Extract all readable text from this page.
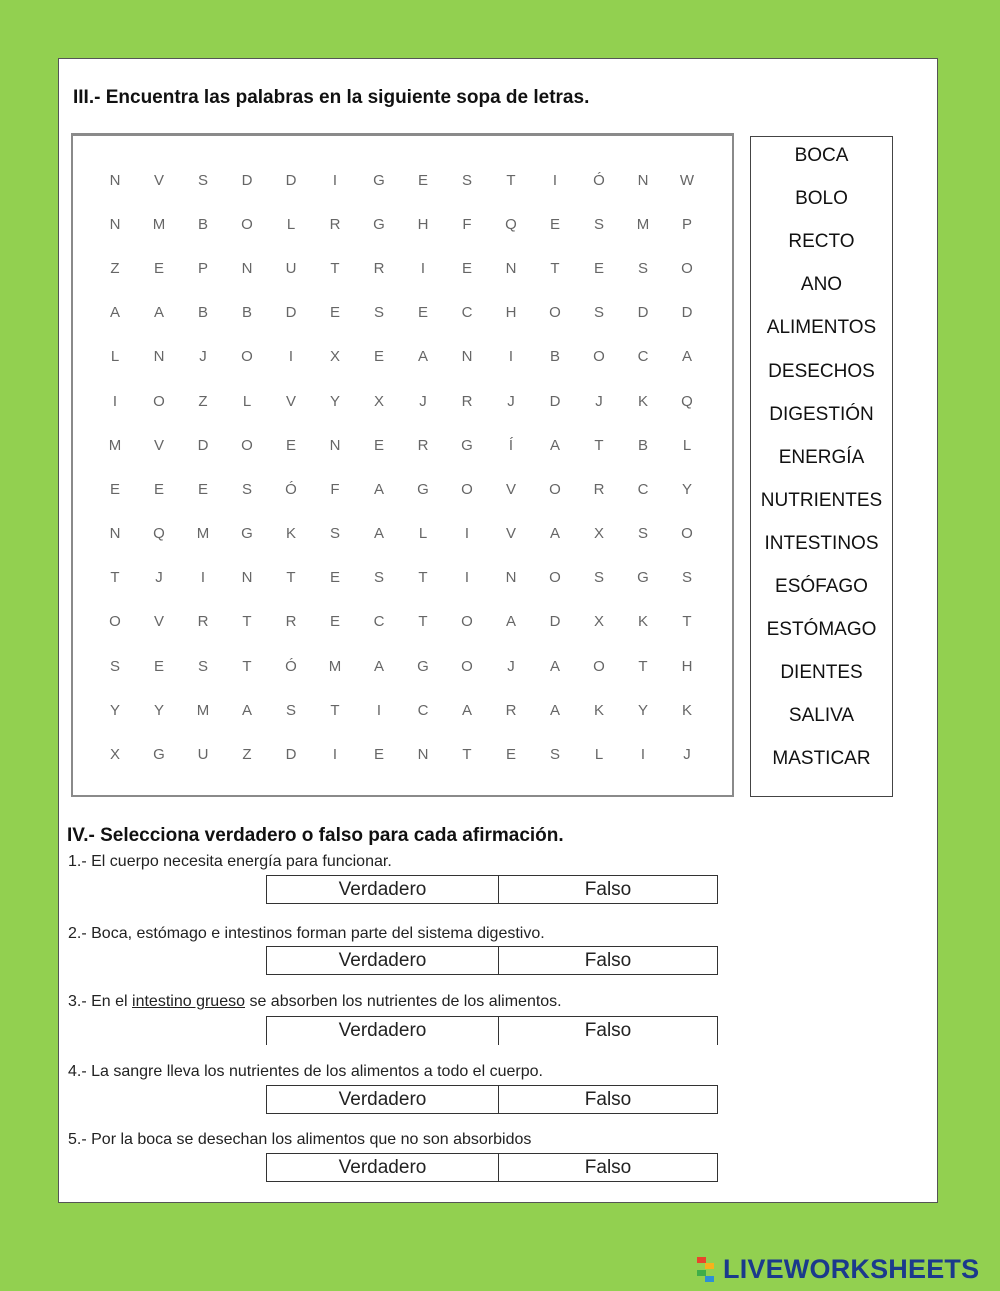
III.- Encuentra las palabras en la siguiente sopa de letras.
N	V	S	D	D	I	G	E	S	T	I	Ó	N	W
N	M	B	O	L	R	G	H	F	Q	E	S	M	P
Z	E	P	N	U	T	R	I	E	N	T	E	S	O
A	A	B	B	D	E	S	E	C	H	O	S	D	D
L	N	J	O	I	X	E	A	N	I	B	O	C	A
I	O	Z	L	V	Y	X	J	R	J	D	J	K	Q
M	V	D	O	E	N	E	R	G	Í	A	T	B	L
E	E	E	S	Ó	F	A	G	O	V	O	R	C	Y
N	Q	M	G	K	S	A	L	I	V	A	X	S	O
T	J	I	N	T	E	S	T	I	N	O	S	G	S
O	V	R	T	R	E	C	T	O	A	D	X	K	T
S	E	S	T	Ó	M	A	G	O	J	A	O	T	H
Y	Y	M	A	S	T	I	C	A	R	A	K	Y	K
X	G	U	Z	D	I	E	N	T	E	S	L	I	J
BOCA
BOLO
RECTO
ANO
ALIMENTOS
DESECHOS
DIGESTIÓN
ENERGÍA
NUTRIENTES
INTESTINOS
ESÓFAGO
ESTÓMAGO
DIENTES
SALIVA
MASTICAR
IV.- Selecciona verdadero o falso para cada afirmación.
1.- El cuerpo necesita energía para funcionar.
Verdadero	Falso
2.- Boca, estómago e intestinos forman parte del sistema digestivo.
Verdadero	Falso
3.- En el intestino grueso se absorben los nutrientes de los alimentos.
Verdadero	Falso
4.- La sangre lleva los nutrientes de los alimentos a todo el cuerpo.
Verdadero	Falso
5.- Por la boca se desechan los alimentos que no son absorbidos
Verdadero	Falso
LIVEWORKSHEETS
